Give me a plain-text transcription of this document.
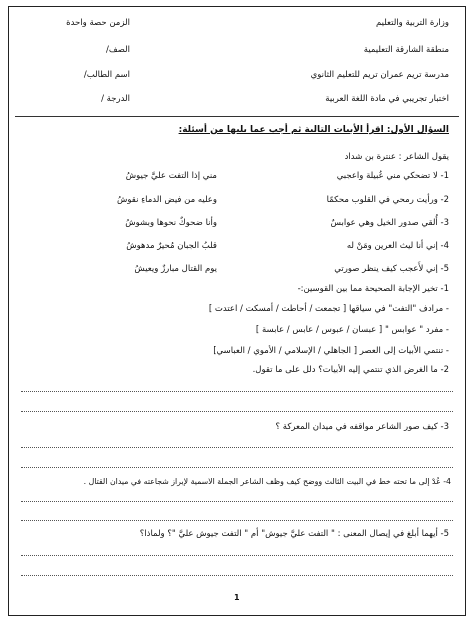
وزارة التربية والتعليم
منطقة الشارقة التعليمية
مدرسة تريم عمران تريم للتعليم الثانوي
اختبار تجريبي في مادة اللغة العربية
الزمن حصة واحدة
الصف/
اسم الطالب/
الدرجة /
السؤال الأول: اقرأ الأبيات التالية ثم أجب عما يليها من أسئلة:
يقول الشاعر : عنترة بن شداد
1- لا تضحكي مني عُبيلة واعجبي
مني إذا التفت عليَّ جيوشُ
2- ورأيت رمحي في القلوب محكمًا
وعليه من فيض الدماءِ نقوشُ
3- أُلقي صدور الخيل وهي عوابسٌ
وأنا ضحوكٌ نحوها وبشوشُ
4- إني أنا ليث العرين ومَنْ له
قلبُ الجبان مُحيرٌ مدهوشُ
5- إني لأَعجب كيف ينظر صورتي
يوم القتال مبارزٌ ويعيشُ
1- تخير الإجابة الصحيحة مما بين القوسين:-
- مرادف "التفت" في سياقها [ تجمعت / أحاطت / أمسكت / اعتدت ]
- مفرد " عوابس " [ عبسان / عبوس / عابس / عابسة ]
- تنتمي الأبيات إلى العصر [ الجاهلي / الإسلامي / الأموي / العباسي]
2- ما الغرض الذي تنتمي إليه الأبيات؟ دلل على ما تقول.
3- كيف صور الشاعر مواقفه في ميدان المعركة ؟
4- عُدْ إلى ما تحته خط في البيت الثالث ووضح كيف وظف الشاعر الجملة الاسمية لإبراز شجاعته في ميدان القتال .
5- أيهما أبلغ في إيصال المعنى : " التفت عليَّ جيوش" أم " التفت جيوش عليَّ "؟ ولماذا؟
1
